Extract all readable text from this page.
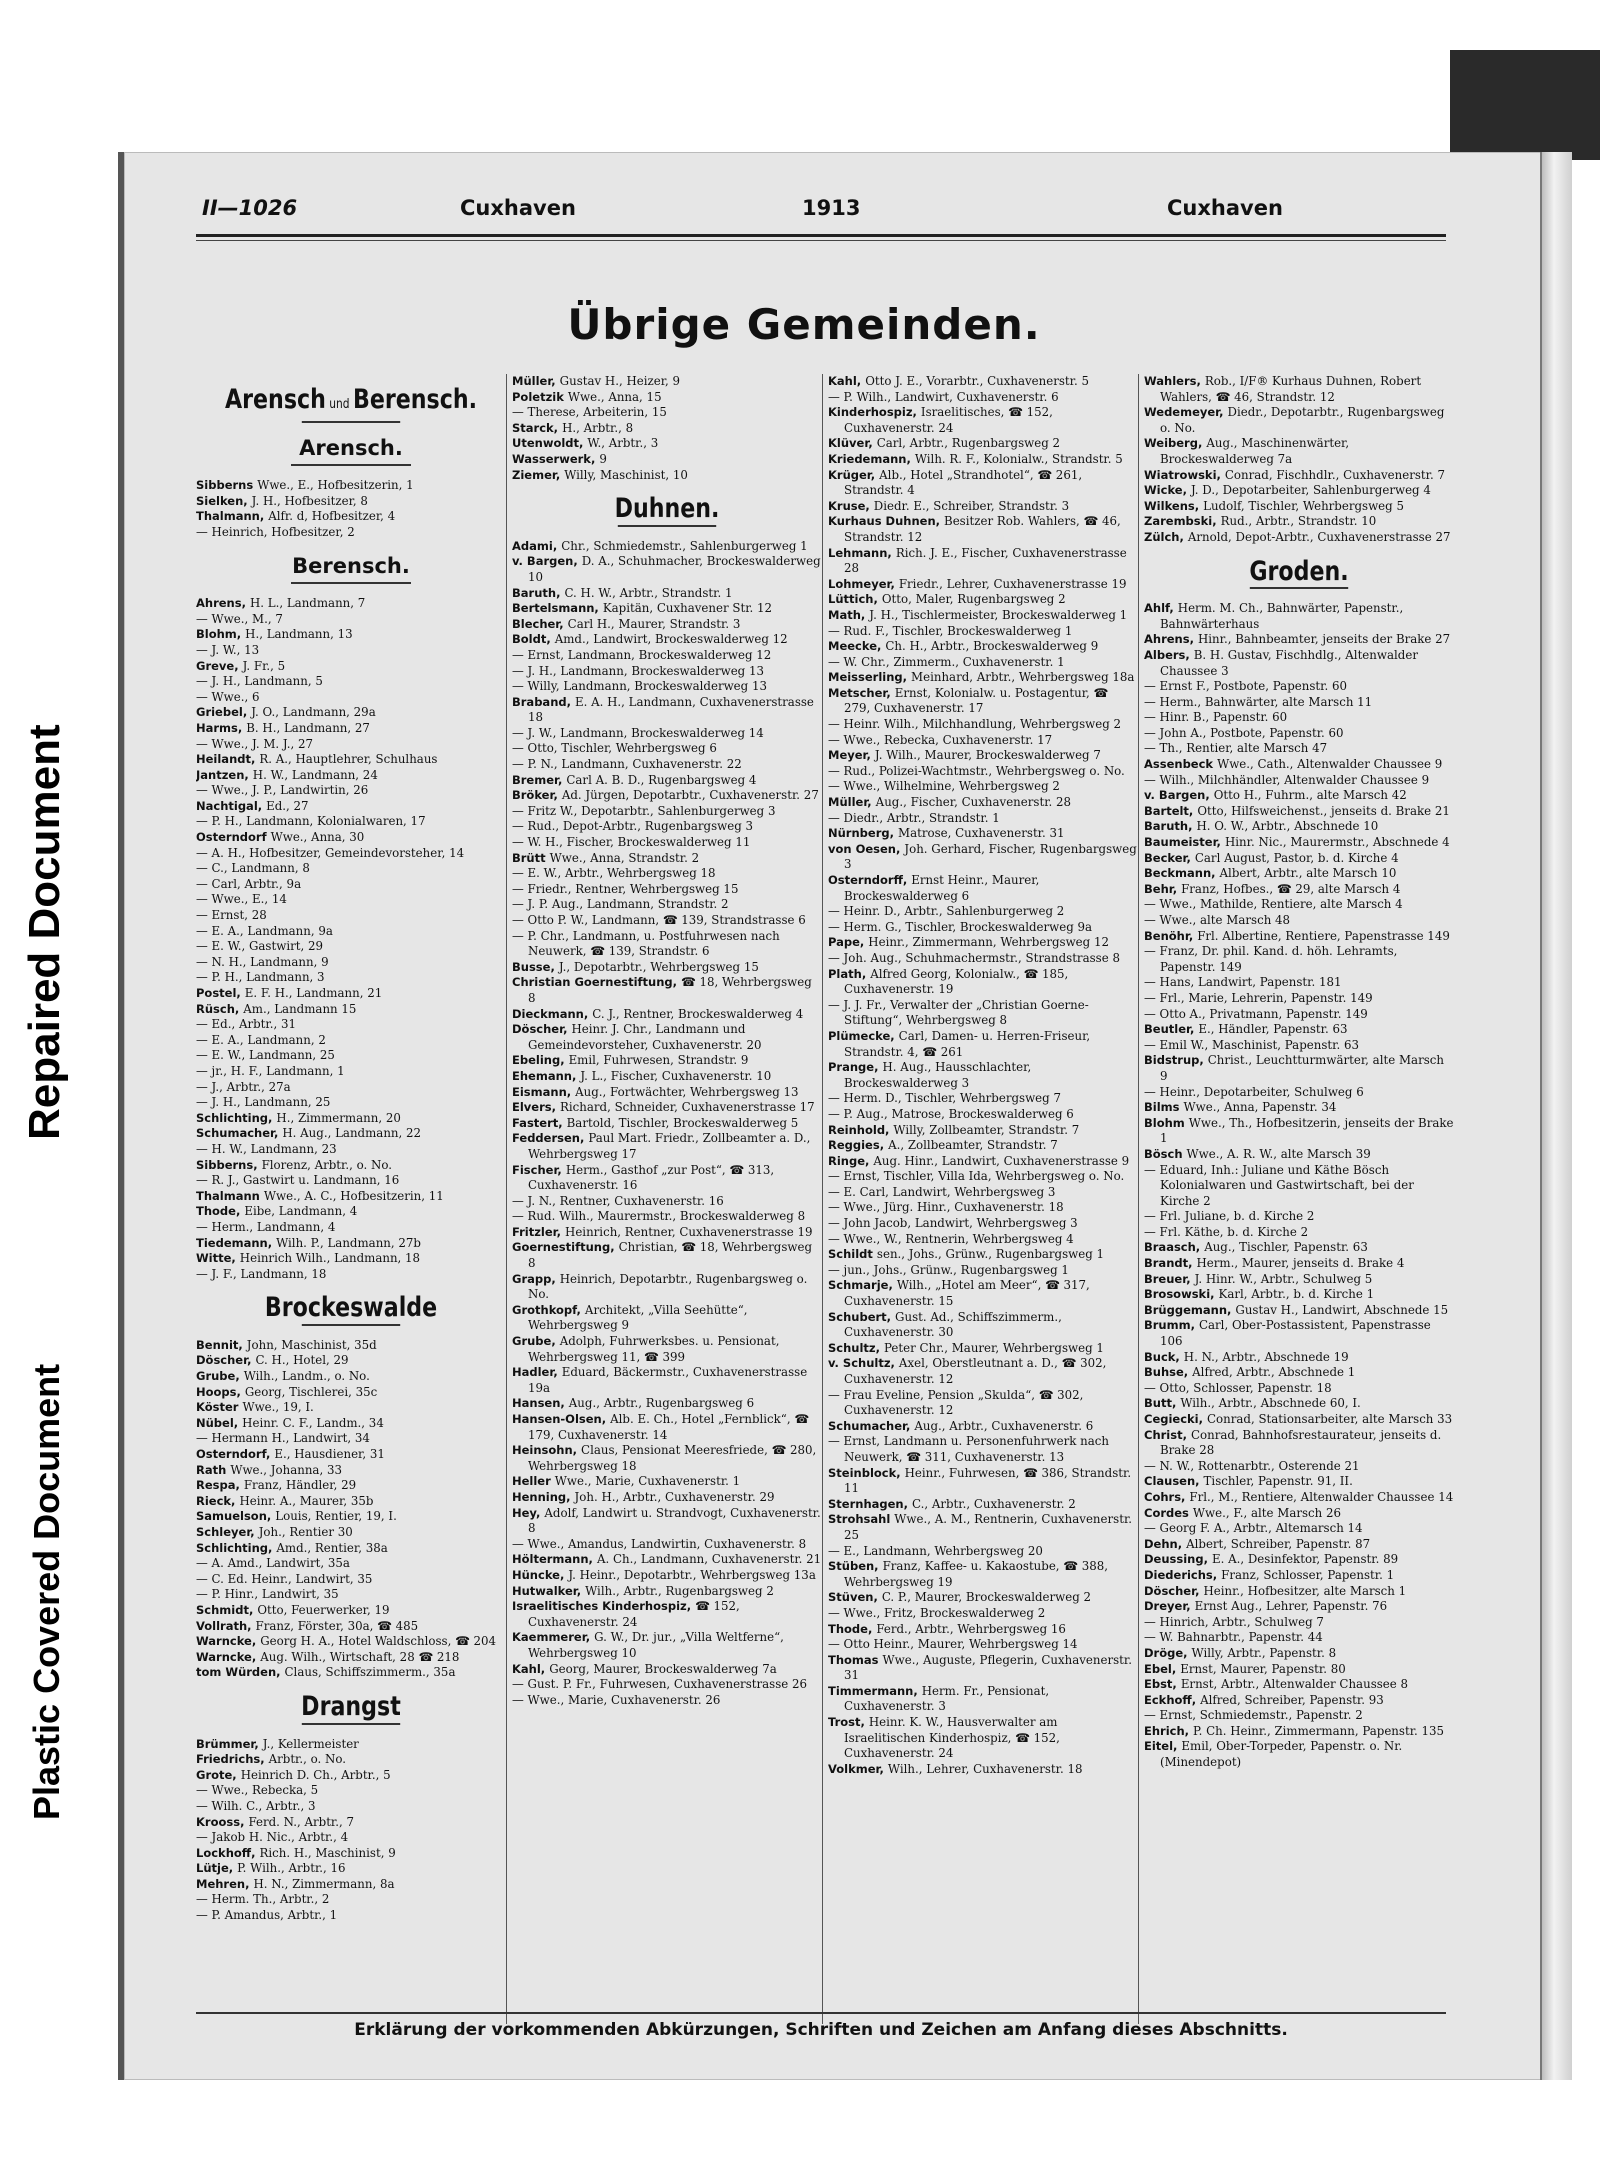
Repaired Document
Plastic Covered Document
II—1026	Cuxhaven	1913	Cuxhaven
Übrige Gemeinden.
Arensch und Berensch.
Arensch.
Sibberns Wwe., E., Hofbesitzerin, 1
Sielken, J. H., Hofbesitzer, 8
Thalmann, Alfr. d, Hofbesitzer, 4
— Heinrich, Hofbesitzer, 2
Berensch.
Ahrens, H. L., Landmann, 7
— Wwe., M., 7
Blohm, H., Landmann, 13
— J. W., 13
Greve, J. Fr., 5
— J. H., Landmann, 5
— Wwe., 6
Griebel, J. O., Landmann, 29a
Harms, B. H., Landmann, 27
— Wwe., J. M. J., 27
Heilandt, R. A., Hauptlehrer, Schulhaus
Jantzen, H. W., Landmann, 24
— Wwe., J. P., Landwirtin, 26
Nachtigal, Ed., 27
— P. H., Landmann, Kolonialwaren, 17
Osterndorf Wwe., Anna, 30
— A. H., Hofbesitzer, Gemeindevorsteher, 14
— C., Landmann, 8
— Carl, Arbtr., 9a
— Wwe., E., 14
— Ernst, 28
— E. A., Landmann, 9a
— E. W., Gastwirt, 29
— N. H., Landmann, 9
— P. H., Landmann, 3
Postel, E. F. H., Landmann, 21
Rüsch, Am., Landmann 15
— Ed., Arbtr., 31
— E. A., Landmann, 2
— E. W., Landmann, 25
— jr., H. F., Landmann, 1
— J., Arbtr., 27a
— J. H., Landmann, 25
Schlichting, H., Zimmermann, 20
Schumacher, H. Aug., Landmann, 22
— H. W., Landmann, 23
Sibberns, Florenz, Arbtr., o. No.
— R. J., Gastwirt u. Landmann, 16
Thalmann Wwe., A. C., Hofbesitzerin, 11
Thode, Eibe, Landmann, 4
— Herm., Landmann, 4
Tiedemann, Wilh. P., Landmann, 27b
Witte, Heinrich Wilh., Landmann, 18
— J. F., Landmann, 18
Brockeswalde
Bennit, John, Maschinist, 35d
Döscher, C. H., Hotel, 29
Grube, Wilh., Landm., o. No.
Hoops, Georg, Tischlerei, 35c
Köster Wwe., 19, I.
Nübel, Heinr. C. F., Landm., 34
— Hermann H., Landwirt, 34
Osterndorf, E., Hausdiener, 31
Rath Wwe., Johanna, 33
Respa, Franz, Händler, 29
Rieck, Heinr. A., Maurer, 35b
Samuelson, Louis, Rentier, 19, I.
Schleyer, Joh., Rentier 30
Schlichting, Amd., Rentier, 38a
— A. Amd., Landwirt, 35a
— C. Ed. Heinr., Landwirt, 35
— P. Hinr., Landwirt, 35
Schmidt, Otto, Feuerwerker, 19
Vollrath, Franz, Förster, 30a, ☎ 485
Warncke, Georg H. A., Hotel Waldschloss, ☎ 204
Warncke, Aug. Wilh., Wirtschaft, 28 ☎ 218
tom Würden, Claus, Schiffszimmerm., 35a
Drangst
Brümmer, J., Kellermeister
Friedrichs, Arbtr., o. No.
Grote, Heinrich D. Ch., Arbtr., 5
— Wwe., Rebecka, 5
— Wilh. C., Arbtr., 3
Krooss, Ferd. N., Arbtr., 7
— Jakob H. Nic., Arbtr., 4
Lockhoff, Rich. H., Maschinist, 9
Lütje, P. Wilh., Arbtr., 16
Mehren, H. N., Zimmermann, 8a
— Herm. Th., Arbtr., 2
— P. Amandus, Arbtr., 1
Müller, Gustav H., Heizer, 9
Poletzik Wwe., Anna, 15
— Therese, Arbeiterin, 15
Starck, H., Arbtr., 8
Utenwoldt, W., Arbtr., 3
Wasserwerk, 9
Ziemer, Willy, Maschinist, 10
Duhnen.
Adami, Chr., Schmiedemstr., Sahlenburgerweg 1
v. Bargen, D. A., Schuhmacher, Brockeswalderweg 10
Baruth, C. H. W., Arbtr., Strandstr. 1
Bertelsmann, Kapitän, Cuxhavener Str. 12
Blecher, Carl H., Maurer, Strandstr. 3
Boldt, Amd., Landwirt, Brockeswalderweg 12
— Ernst, Landmann, Brockeswalderweg 12
— J. H., Landmann, Brockeswalderweg 13
— Willy, Landmann, Brockeswalderweg 13
Braband, E. A. H., Landmann, Cuxhavenerstrasse 18
— J. W., Landmann, Brockeswalderweg 14
— Otto, Tischler, Wehrbergsweg 6
— P. N., Landmann, Cuxhavenerstr. 22
Bremer, Carl A. B. D., Rugenbargsweg 4
Bröker, Ad. Jürgen, Depotarbtr., Cuxhavenerstr. 27
— Fritz W., Depotarbtr., Sahlenburgerweg 3
— Rud., Depot-Arbtr., Rugenbargsweg 3
— W. H., Fischer, Brockeswalderweg 11
Brütt Wwe., Anna, Strandstr. 2
— E. W., Arbtr., Wehrbergsweg 18
— Friedr., Rentner, Wehrbergsweg 15
— J. P. Aug., Landmann, Strandstr. 2
— Otto P. W., Landmann, ☎ 139, Strandstrasse 6
— P. Chr., Landmann, u. Postfuhrwesen nach Neuwerk, ☎ 139, Strandstr. 6
Busse, J., Depotarbtr., Wehrbergsweg 15
Christian Goernestiftung, ☎ 18, Wehrbergsweg 8
Dieckmann, C. J., Rentner, Brockeswalderweg 4
Döscher, Heinr. J. Chr., Landmann und Gemeindevorsteher, Cuxhavenerstr. 20
Ebeling, Emil, Fuhrwesen, Strandstr. 9
Ehemann, J. L., Fischer, Cuxhavenerstr. 10
Eismann, Aug., Fortwächter, Wehrbergsweg 13
Elvers, Richard, Schneider, Cuxhavenerstrasse 17
Fastert, Bartold, Tischler, Brockeswalderweg 5
Feddersen, Paul Mart. Friedr., Zollbeamter a. D., Wehrbergsweg 17
Fischer, Herm., Gasthof „zur Post“, ☎ 313, Cuxhavenerstr. 16
— J. N., Rentner, Cuxhavenerstr. 16
— Rud. Wilh., Maurermstr., Brockeswalderweg 8
Fritzler, Heinrich, Rentner, Cuxhavenerstrasse 19
Goernestiftung, Christian, ☎ 18, Wehrbergsweg 8
Grapp, Heinrich, Depotarbtr., Rugenbargsweg o. No.
Grothkopf, Architekt, „Villa Seehütte“, Wehrbergsweg 9
Grube, Adolph, Fuhrwerksbes. u. Pensionat, Wehrbergsweg 11, ☎ 399
Hadler, Eduard, Bäckermstr., Cuxhavenerstrasse 19a
Hansen, Aug., Arbtr., Rugenbargsweg 6
Hansen-Olsen, Alb. E. Ch., Hotel „Fernblick“, ☎ 179, Cuxhavenerstr. 14
Heinsohn, Claus, Pensionat Meeresfriede, ☎ 280, Wehrbergsweg 18
Heller Wwe., Marie, Cuxhavenerstr. 1
Henning, Joh. H., Arbtr., Cuxhavenerstr. 29
Hey, Adolf, Landwirt u. Strandvogt, Cuxhavenerstr. 8
— Wwe., Amandus, Landwirtin, Cuxhavenerstr. 8
Höltermann, A. Ch., Landmann, Cuxhavenerstr. 21
Hüncke, J. Heinr., Depotarbtr., Wehrbergsweg 13a
Hutwalker, Wilh., Arbtr., Rugenbargsweg 2
Israelitisches Kinderhospiz, ☎ 152, Cuxhavenerstr. 24
Kaemmerer, G. W., Dr. jur., „Villa Weltferne“, Wehrbergsweg 10
Kahl, Georg, Maurer, Brockeswalderweg 7a
— Gust. P. Fr., Fuhrwesen, Cuxhavenerstrasse 26
— Wwe., Marie, Cuxhavenerstr. 26
Kahl, Otto J. E., Vorarbtr., Cuxhavenerstr. 5
— P. Wilh., Landwirt, Cuxhavenerstr. 6
Kinderhospiz, Israelitisches, ☎ 152, Cuxhavenerstr. 24
Klüver, Carl, Arbtr., Rugenbargsweg 2
Kriedemann, Wilh. R. F., Kolonialw., Strandstr. 5
Krüger, Alb., Hotel „Strandhotel“, ☎ 261, Strandstr. 4
Kruse, Diedr. E., Schreiber, Strandstr. 3
Kurhaus Duhnen, Besitzer Rob. Wahlers, ☎ 46, Strandstr. 12
Lehmann, Rich. J. E., Fischer, Cuxhavenerstrasse 28
Lohmeyer, Friedr., Lehrer, Cuxhavenerstrasse 19
Lüttich, Otto, Maler, Rugenbargsweg 2
Math, J. H., Tischlermeister, Brockeswalderweg 1
— Rud. F., Tischler, Brockeswalderweg 1
Meecke, Ch. H., Arbtr., Brockeswalderweg 9
— W. Chr., Zimmerm., Cuxhavenerstr. 1
Meisserling, Meinhard, Arbtr., Wehrbergsweg 18a
Metscher, Ernst, Kolonialw. u. Postagentur, ☎ 279, Cuxhavenerstr. 17
— Heinr. Wilh., Milchhandlung, Wehrbergsweg 2
— Wwe., Rebecka, Cuxhavenerstr. 17
Meyer, J. Wilh., Maurer, Brockeswalderweg 7
— Rud., Polizei-Wachtmstr., Wehrbergsweg o. No.
— Wwe., Wilhelmine, Wehrbergsweg 2
Müller, Aug., Fischer, Cuxhavenerstr. 28
— Diedr., Arbtr., Strandstr. 1
Nürnberg, Matrose, Cuxhavenerstr. 31
von Oesen, Joh. Gerhard, Fischer, Rugenbargsweg 3
Osterndorff, Ernst Heinr., Maurer, Brockeswalderweg 6
— Heinr. D., Arbtr., Sahlenburgerweg 2
— Herm. G., Tischler, Brockeswalderweg 9a
Pape, Heinr., Zimmermann, Wehrbergsweg 12
— Joh. Aug., Schuhmachermstr., Strandstrasse 8
Plath, Alfred Georg, Kolonialw., ☎ 185, Cuxhavenerstr. 19
— J. J. Fr., Verwalter der „Christian Goerne-Stiftung“, Wehrbergsweg 8
Plümecke, Carl, Damen- u. Herren-Friseur, Strandstr. 4, ☎ 261
Prange, H. Aug., Hausschlachter, Brockeswalderweg 3
— Herm. D., Tischler, Wehrbergsweg 7
— P. Aug., Matrose, Brockeswalderweg 6
Reinhold, Willy, Zollbeamter, Strandstr. 7
Reggies, A., Zollbeamter, Strandstr. 7
Ringe, Aug. Hinr., Landwirt, Cuxhavenerstrasse 9
— Ernst, Tischler, Villa Ida, Wehrbergsweg o. No.
— E. Carl, Landwirt, Wehrbergsweg 3
— Wwe., Jürg. Hinr., Cuxhavenerstr. 18
— John Jacob, Landwirt, Wehrbergsweg 3
— Wwe., W., Rentnerin, Wehrbergsweg 4
Schildt sen., Johs., Grünw., Rugenbargsweg 1
— jun., Johs., Grünw., Rugenbargsweg 1
Schmarje, Wilh., „Hotel am Meer“, ☎ 317, Cuxhavenerstr. 15
Schubert, Gust. Ad., Schiffszimmerm., Cuxhavenerstr. 30
Schultz, Peter Chr., Maurer, Wehrbergsweg 1
v. Schultz, Axel, Oberstleutnant a. D., ☎ 302, Cuxhavenerstr. 12
— Frau Eveline, Pension „Skulda“, ☎ 302, Cuxhavenerstr. 12
Schumacher, Aug., Arbtr., Cuxhavenerstr. 6
— Ernst, Landmann u. Personenfuhrwerk nach Neuwerk, ☎ 311, Cuxhavenerstr. 13
Steinblock, Heinr., Fuhrwesen, ☎ 386, Strandstr. 11
Sternhagen, C., Arbtr., Cuxhavenerstr. 2
Strohsahl Wwe., A. M., Rentnerin, Cuxhavenerstr. 25
— E., Landmann, Wehrbergsweg 20
Stüben, Franz, Kaffee- u. Kakaostube, ☎ 388, Wehrbergsweg 19
Stüven, C. P., Maurer, Brockeswalderweg 2
— Wwe., Fritz, Brockeswalderweg 2
Thode, Ferd., Arbtr., Wehrbergsweg 16
— Otto Heinr., Maurer, Wehrbergsweg 14
Thomas Wwe., Auguste, Pflegerin, Cuxhavenerstr. 31
Timmermann, Herm. Fr., Pensionat, Cuxhavenerstr. 3
Trost, Heinr. K. W., Hausverwalter am Israelitischen Kinderhospiz, ☎ 152, Cuxhavenerstr. 24
Volkmer, Wilh., Lehrer, Cuxhavenerstr. 18
Wahlers, Rob., I/F® Kurhaus Duhnen, Robert Wahlers, ☎ 46, Strandstr. 12
Wedemeyer, Diedr., Depotarbtr., Rugenbargsweg o. No.
Weiberg, Aug., Maschinenwärter, Brockeswalderweg 7a
Wiatrowski, Conrad, Fischhdlr., Cuxhavenerstr. 7
Wicke, J. D., Depotarbeiter, Sahlenburgerweg 4
Wilkens, Ludolf, Tischler, Wehrbergsweg 5
Zarembski, Rud., Arbtr., Strandstr. 10
Zülch, Arnold, Depot-Arbtr., Cuxhavenerstrasse 27
Groden.
Ahlf, Herm. M. Ch., Bahnwärter, Papenstr., Bahnwärterhaus
Ahrens, Hinr., Bahnbeamter, jenseits der Brake 27
Albers, B. H. Gustav, Fischhdlg., Altenwalder Chaussee 3
— Ernst F., Postbote, Papenstr. 60
— Herm., Bahnwärter, alte Marsch 11
— Hinr. B., Papenstr. 60
— John A., Postbote, Papenstr. 60
— Th., Rentier, alte Marsch 47
Assenbeck Wwe., Cath., Altenwalder Chaussee 9
— Wilh., Milchhändler, Altenwalder Chaussee 9
v. Bargen, Otto H., Fuhrm., alte Marsch 42
Bartelt, Otto, Hilfsweichenst., jenseits d. Brake 21
Baruth, H. O. W., Arbtr., Abschnede 10
Baumeister, Hinr. Nic., Maurermstr., Abschnede 4
Becker, Carl August, Pastor, b. d. Kirche 4
Beckmann, Albert, Arbtr., alte Marsch 10
Behr, Franz, Hofbes., ☎ 29, alte Marsch 4
— Wwe., Mathilde, Rentiere, alte Marsch 4
— Wwe., alte Marsch 48
Benöhr, Frl. Albertine, Rentiere, Papenstrasse 149
— Franz, Dr. phil. Kand. d. höh. Lehramts, Papenstr. 149
— Hans, Landwirt, Papenstr. 181
— Frl., Marie, Lehrerin, Papenstr. 149
— Otto A., Privatmann, Papenstr. 149
Beutler, E., Händler, Papenstr. 63
— Emil W., Maschinist, Papenstr. 63
Bidstrup, Christ., Leuchtturmwärter, alte Marsch 9
— Heinr., Depotarbeiter, Schulweg 6
Bilms Wwe., Anna, Papenstr. 34
Blohm Wwe., Th., Hofbesitzerin, jenseits der Brake 1
Bösch Wwe., A. R. W., alte Marsch 39
— Eduard, Inh.: Juliane und Käthe Bösch Kolonialwaren und Gastwirtschaft, bei der Kirche 2
— Frl. Juliane, b. d. Kirche 2
— Frl. Käthe, b. d. Kirche 2
Braasch, Aug., Tischler, Papenstr. 63
Brandt, Herm., Maurer, jenseits d. Brake 4
Breuer, J. Hinr. W., Arbtr., Schulweg 5
Brosowski, Karl, Arbtr., b. d. Kirche 1
Brüggemann, Gustav H., Landwirt, Abschnede 15
Brumm, Carl, Ober-Postassistent, Papenstrasse 106
Buck, H. N., Arbtr., Abschnede 19
Buhse, Alfred, Arbtr., Abschnede 1
— Otto, Schlosser, Papenstr. 18
Butt, Wilh., Arbtr., Abschnede 60, I.
Cegiecki, Conrad, Stationsarbeiter, alte Marsch 33
Christ, Conrad, Bahnhofsrestaurateur, jenseits d. Brake 28
— N. W., Rottenarbtr., Osterende 21
Clausen, Tischler, Papenstr. 91, II.
Cohrs, Frl., M., Rentiere, Altenwalder Chaussee 14
Cordes Wwe., F., alte Marsch 26
— Georg F. A., Arbtr., Altemarsch 14
Dehn, Albert, Schreiber, Papenstr. 87
Deussing, E. A., Desinfektor, Papenstr. 89
Diederichs, Franz, Schlosser, Papenstr. 1
Döscher, Heinr., Hofbesitzer, alte Marsch 1
Dreyer, Ernst Aug., Lehrer, Papenstr. 76
— Hinrich, Arbtr., Schulweg 7
— W. Bahnarbtr., Papenstr. 44
Dröge, Willy, Arbtr., Papenstr. 8
Ebel, Ernst, Maurer, Papenstr. 80
Ebst, Ernst, Arbtr., Altenwalder Chaussee 8
Eckhoff, Alfred, Schreiber, Papenstr. 93
— Ernst, Schmiedemstr., Papenstr. 2
Ehrich, P. Ch. Heinr., Zimmermann, Papenstr. 135
Eitel, Emil, Ober-Torpeder, Papenstr. o. Nr. (Minendepot)
Erklärung der vorkommenden Abkürzungen, Schriften und Zeichen am Anfang dieses Abschnitts.
